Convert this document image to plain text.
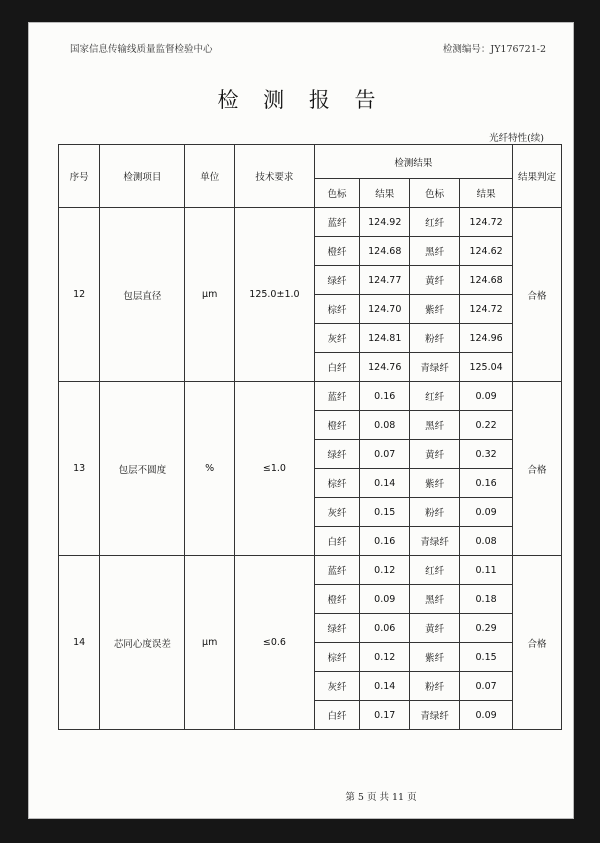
国家信息传输线质量监督检验中心	检测编号：JY176721-2
检 测 报 告
光纤特性(续)
序号	检测项目	单位	技术要求	检测结果				结果判定
				色标	结果	色标	结果	
12	包层直径	μm	125.0±1.0	蓝纤	124.92	红纤	124.72	合格
				橙纤	124.68	黑纤	124.62	
				绿纤	124.77	黄纤	124.68	
				棕纤	124.70	紫纤	124.72	
				灰纤	124.81	粉纤	124.96	
				白纤	124.76	青绿纤	125.04	
13	包层不圆度	%	≤1.0	蓝纤	0.16	红纤	0.09	合格
				橙纤	0.08	黑纤	0.22	
				绿纤	0.07	黄纤	0.32	
				棕纤	0.14	紫纤	0.16	
				灰纤	0.15	粉纤	0.09	
				白纤	0.16	青绿纤	0.08	
14	芯同心度误差	μm	≤0.6	蓝纤	0.12	红纤	0.11	合格
				橙纤	0.09	黑纤	0.18	
				绿纤	0.06	黄纤	0.29	
				棕纤	0.12	紫纤	0.15	
				灰纤	0.14	粉纤	0.07	
				白纤	0.17	青绿纤	0.09	
第 5 页 共 11 页
